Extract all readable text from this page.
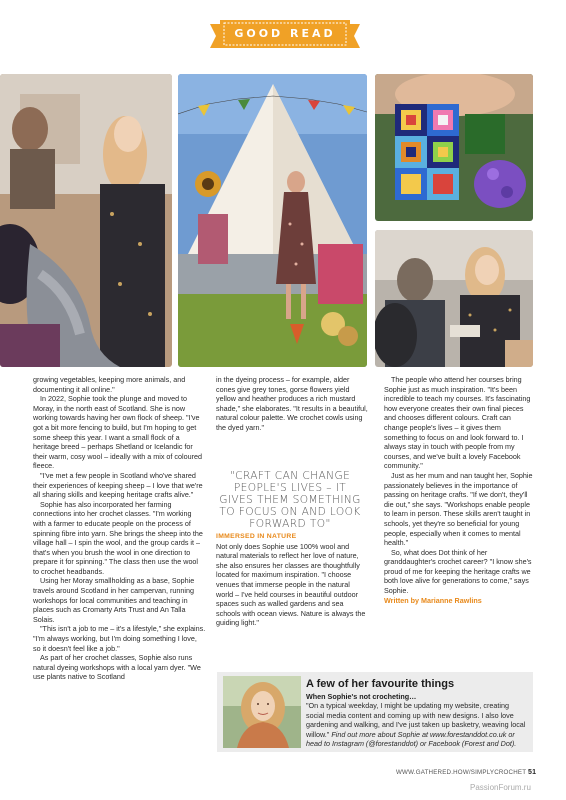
GOOD READ

growing vegetables, keeping more animals, and documenting it all online."

In 2022, Sophie took the plunge and moved to Moray, in the north east of Scotland. She is now working towards having her own flock of sheep. "I've got a bit more fencing to build, but I'm hoping to get some sheep this year. I want a small flock of a heritage breed – perhaps Shetland or Icelandic for their warm, cosy wool – ideally with a mix of coloured fleece.

"I've met a few people in Scotland who've shared their experiences of keeping sheep – I love that we're all sharing skills and keeping heritage crafts alive."

Sophie has also incorporated her farming connections into her crochet classes. "I'm working with a farmer to educate people on the process of spinning fibre into yarn. She brings the sheep into the village hall – I spin the wool, and the group cards it – that's when you brush the wool in one direction to prepare it for spinning." The class then use the wool to crochet headbands.

Using her Moray smallholding as a base, Sophie travels around Scotland in her campervan, running workshops for local communities and teaching in places such as Cromarty Arts Trust and An Talla Solais.

"This isn't a job to me – it's a lifestyle," she explains. "I'm always working, but I'm doing something I love, so it doesn't feel like a job."

As part of her crochet classes, Sophie also runs natural dyeing workshops with a local yarn dyer. "We use plants native to Scotland

in the dyeing process – for example, alder cones give grey tones, gorse flowers yield yellow and heather produces a rich mustard shade," she elaborates. "It results in a beautiful, natural colour palette. We crochet cowls using the dyed yarn."

"CRAFT CAN CHANGE PEOPLE'S LIVES – IT GIVES THEM SOMETHING TO FOCUS ON AND LOOK FORWARD TO"
IMMERSED IN NATURE

Not only does Sophie use 100% wool and natural materials to reflect her love of nature, she also ensures her classes are thoughtfully located for maximum inspiration. "I choose venues that immerse people in the natural world – I've held courses in beautiful outdoor spaces such as walled gardens and sea schools with ocean views. Nature is always the guiding light."

The people who attend her courses bring Sophie just as much inspiration. "It's been incredible to teach my courses. It's fascinating how everyone creates their own final pieces and chooses different colours. Craft can change people's lives – it gives them something to focus on and look forward to. I always stay in touch with people from my courses, and we've built a lovely Facebook community."

Just as her mum and nan taught her, Sophie passionately believes in the importance of passing on heritage crafts. "If we don't, they'll die out," she says. "Workshops enable people to learn in person. These skills aren't taught in schools, yet they're so beneficial for young people, especially when it comes to mental health."

So, what does Dot think of her granddaughter's crochet career? "I know she's proud of me for keeping the heritage crafts we both love alive for generations to come," says Sophie.

Written by Marianne Rawlins

A few of her favourite things
When Sophie's not crocheting…
"On a typical weekday, I might be updating my website, creating social media content and coming up with new designs. I also love gardening and walking, and I've just taken up basketry, weaving local willow." Find out more about Sophie at www.forestanddot.co.uk or head to Instagram (@forestanddot) or Facebook (Forest and Dot).
WWW.GATHERED.HOW/SIMPLYCROCHET 51
PassionForum.ru
